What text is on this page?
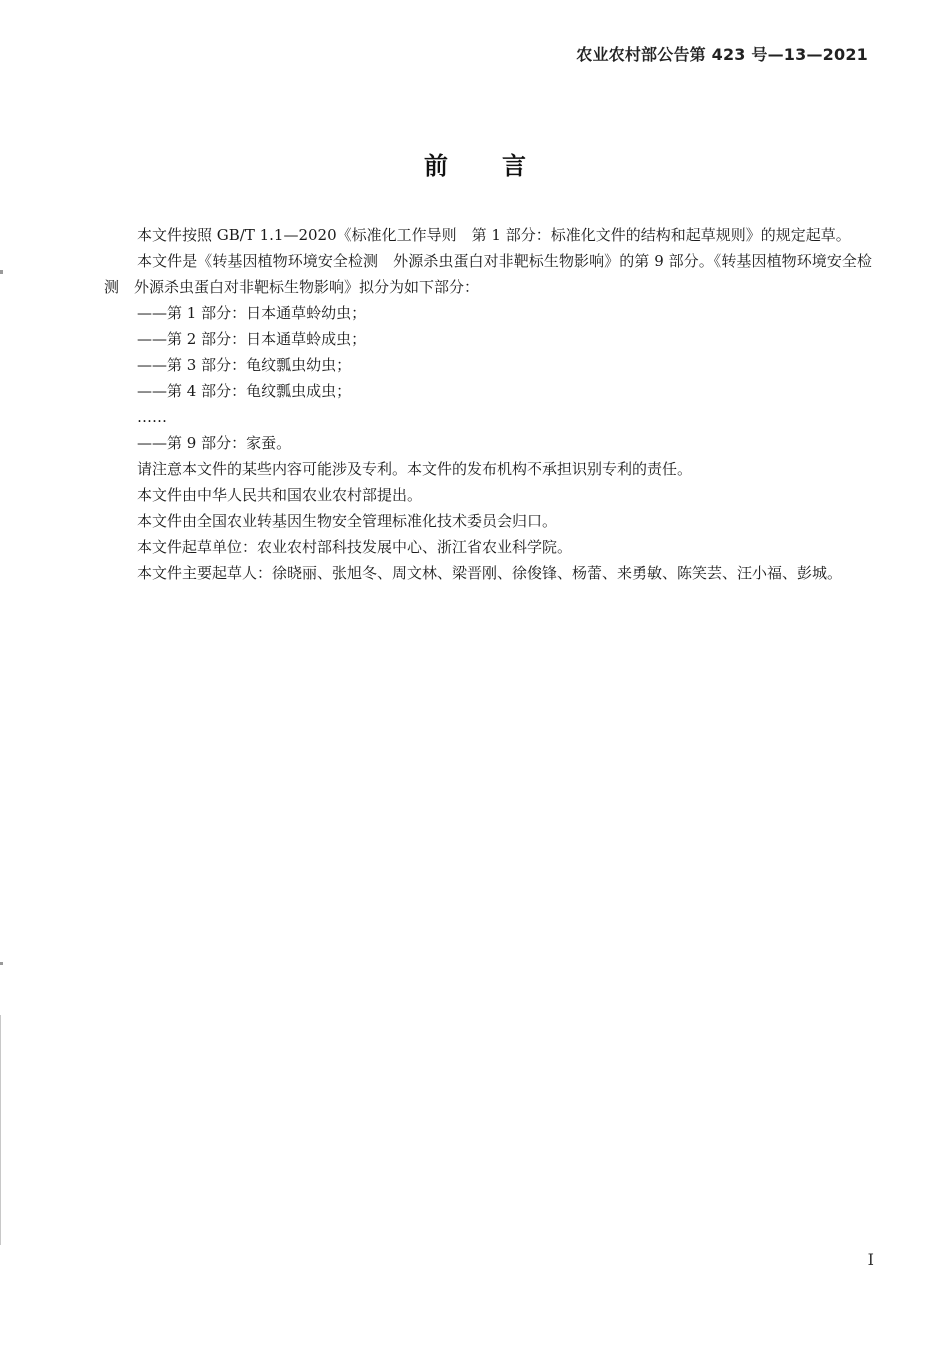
农业农村部公告第 423 号—13—2021
前言

本文件按照 GB/T 1.1—2020《标准化工作导则　第 1 部分：标准化文件的结构和起草规则》的规定起草。

本文件是《转基因植物环境安全检测　外源杀虫蛋白对非靶标生物影响》的第 9 部分。《转基因植物环境安全检测　外源杀虫蛋白对非靶标生物影响》拟分为如下部分：

——第 1 部分：日本通草蛉幼虫；

——第 2 部分：日本通草蛉成虫；

——第 3 部分：龟纹瓢虫幼虫；

——第 4 部分：龟纹瓢虫成虫；

……

——第 9 部分：家蚕。

请注意本文件的某些内容可能涉及专利。本文件的发布机构不承担识别专利的责任。

本文件由中华人民共和国农业农村部提出。

本文件由全国农业转基因生物安全管理标准化技术委员会归口。

本文件起草单位：农业农村部科技发展中心、浙江省农业科学院。

本文件主要起草人：徐晓丽、张旭冬、周文林、梁晋刚、徐俊锋、杨蕾、来勇敏、陈笑芸、汪小福、彭城。

I
